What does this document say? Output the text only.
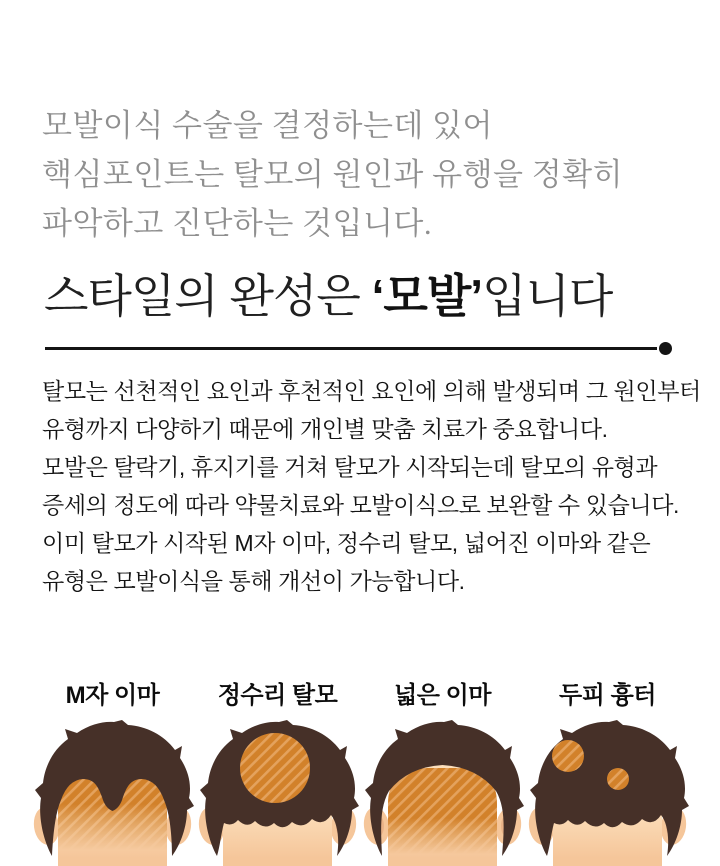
모발이식 수술을 결정하는데 있어
핵심포인트는 탈모의 원인과 유행을 정확히
파악하고 진단하는 것입니다.
스타일의 완성은 ‘모발’입니다
탈모는 선천적인 요인과 후천적인 요인에 의해 발생되며 그 원인부터
유형까지 다양하기 때문에 개인별 맞춤 치료가 중요합니다.
모발은 탈락기, 휴지기를 거쳐 탈모가 시작되는데 탈모의 유형과
증세의 정도에 따라 약물치료와 모발이식으로 보완할 수 있습니다.
이미 탈모가 시작된 M자 이마, 정수리 탈모, 넓어진 이마와 같은
유형은 모발이식을 통해 개선이 가능합니다.
M자 이마 정수리 탈모 넓은 이마	두피 흉터
